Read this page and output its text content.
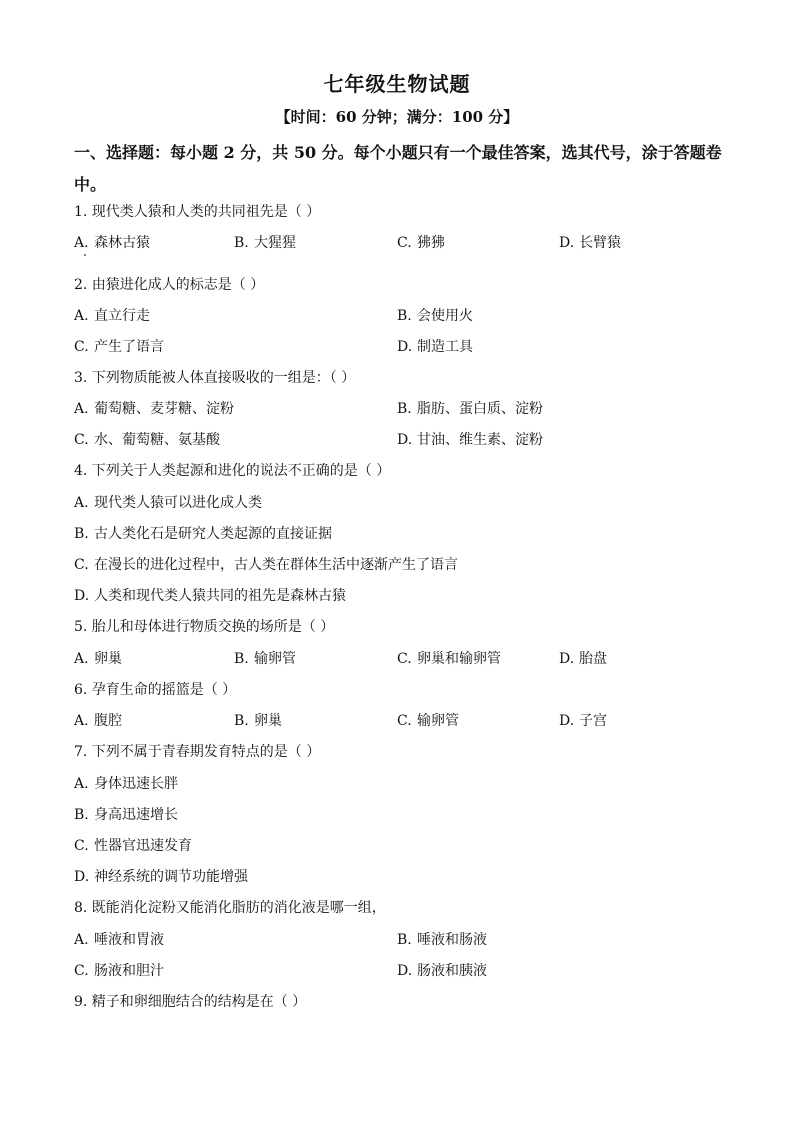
七年级生物试题
【时间：60 分钟；满分：100 分】
一、选择题：每小题 2 分，共 50 分。每个小题只有一个最佳答案，选其代号，涂于答题卷中。
1. 现代类人猿和人类的共同祖先是（ ）
A. 森林古猿	B. 大猩猩	C. 狒狒	D. 长臂猿
2. 由猿进化成人的标志是（ ）
A. 直立行走	B. 会使用火
C. 产生了语言	D. 制造工具
3. 下列物质能被人体直接吸收的一组是：（ ）
A. 葡萄糖、麦芽糖、淀粉	B. 脂肪、蛋白质、淀粉
C. 水、葡萄糖、氨基酸	D. 甘油、维生素、淀粉
4. 下列关于人类起源和进化的说法不正确的是（ ）
A. 现代类人猿可以进化成人类
B. 古人类化石是研究人类起源的直接证据
C. 在漫长的进化过程中，古人类在群体生活中逐渐产生了语言
D. 人类和现代类人猿共同的祖先是森林古猿
5. 胎儿和母体进行物质交换的场所是（ ）
A. 卵巢	B. 输卵管	C. 卵巢和输卵管	D. 胎盘
6. 孕育生命的摇篮是（ ）
A. 腹腔	B. 卵巢	C. 输卵管	D. 子宫
7. 下列不属于青春期发育特点的是（ ）
A. 身体迅速长胖
B. 身高迅速增长
C. 性器官迅速发育
D. 神经系统的调节功能增强
8. 既能消化淀粉又能消化脂肪的消化液是哪一组，
A. 唾液和胃液	B. 唾液和肠液
C. 肠液和胆汁	D. 肠液和胰液
9. 精子和卵细胞结合的结构是在（ ）
